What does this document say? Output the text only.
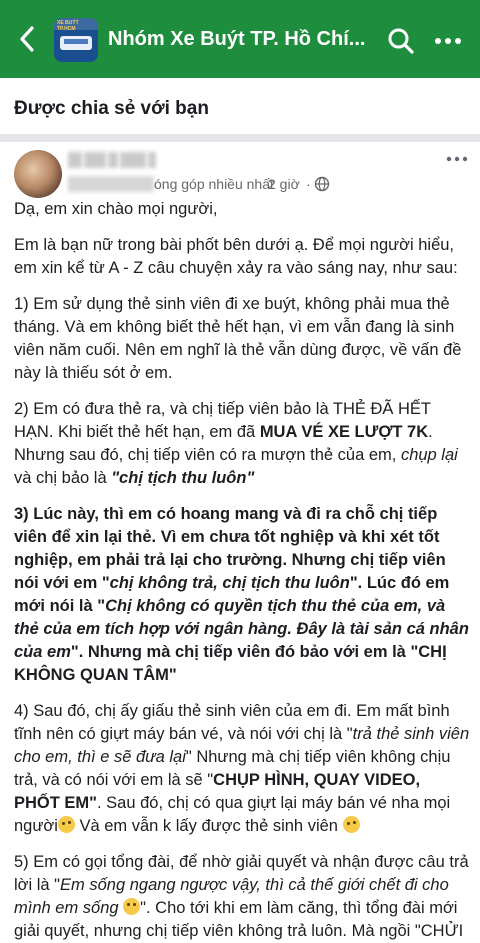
XE BUÝT TP.HCM	Nhóm Xe Buýt TP. Hồ Chí...
Được chia sẻ với bạn
óng góp nhiều nhất
2 giờ ·

Dạ, em xin chào mọi người,

Em là bạn nữ trong bài phốt bên dưới ạ. Để mọi người hiểu, em xin kể từ A - Z câu chuyện xảy ra vào sáng nay, như sau:

1) Em sử dụng thẻ sinh viên đi xe buýt, không phải mua thẻ tháng. Và em không biết thẻ hết hạn, vì em vẫn đang là sinh viên năm cuối. Nên em nghĩ là thẻ vẫn dùng được, về vấn đề này là thiếu sót ở em.

2) Em có đưa thẻ ra, và chị tiếp viên bảo là THẺ ĐÃ HẾT HẠN. Khi biết thẻ hết hạn, em đã MUA VÉ XE LƯỢT 7K. Nhưng sau đó, chị tiếp viên có ra mượn thẻ của em, chụp lại và chị bảo là "chị tịch thu luôn"

3) Lúc này, thì em có hoang mang và đi ra chỗ chị tiếp viên để xin lại thẻ. Vì em chưa tốt nghiệp và khi xét tốt nghiệp, em phải trả lại cho trường. Nhưng chị tiếp viên nói với em "chị không trả, chị tịch thu luôn". Lúc đó em mới nói là "Chị không có quyền tịch thu thẻ của em, và thẻ của em tích hợp với ngân hàng. Đây là tài sản cá nhân của em". Nhưng mà chị tiếp viên đó bảo với em là "CHỊ KHÔNG QUAN TÂM"

4) Sau đó, chị ấy giấu thẻ sinh viên của em đi. Em mất bình tĩnh nên có giựt máy bán vé, và nói với chị là "trả thẻ sinh viên cho em, thì e sẽ đưa lại" Nhưng mà chị tiếp viên không chịu trả, và có nói với em là sẽ "CHỤP HÌNH, QUAY VIDEO, PHỐT EM". Sau đó, chị có qua giựt lại máy bán vé nha mọi người Và em vẫn k lấy được thẻ sinh viên

5) Em có gọi tổng đài, để nhờ giải quyết và nhận được câu trả lời là "Em sống ngang ngược vậy, thì cả thế giới chết đi cho mình em sống ". Cho tới khi em làm căng, thì tổng đài mới giải quyết, nhưng chị tiếp viên không trả luôn. Mà ngồi "CHỬI
